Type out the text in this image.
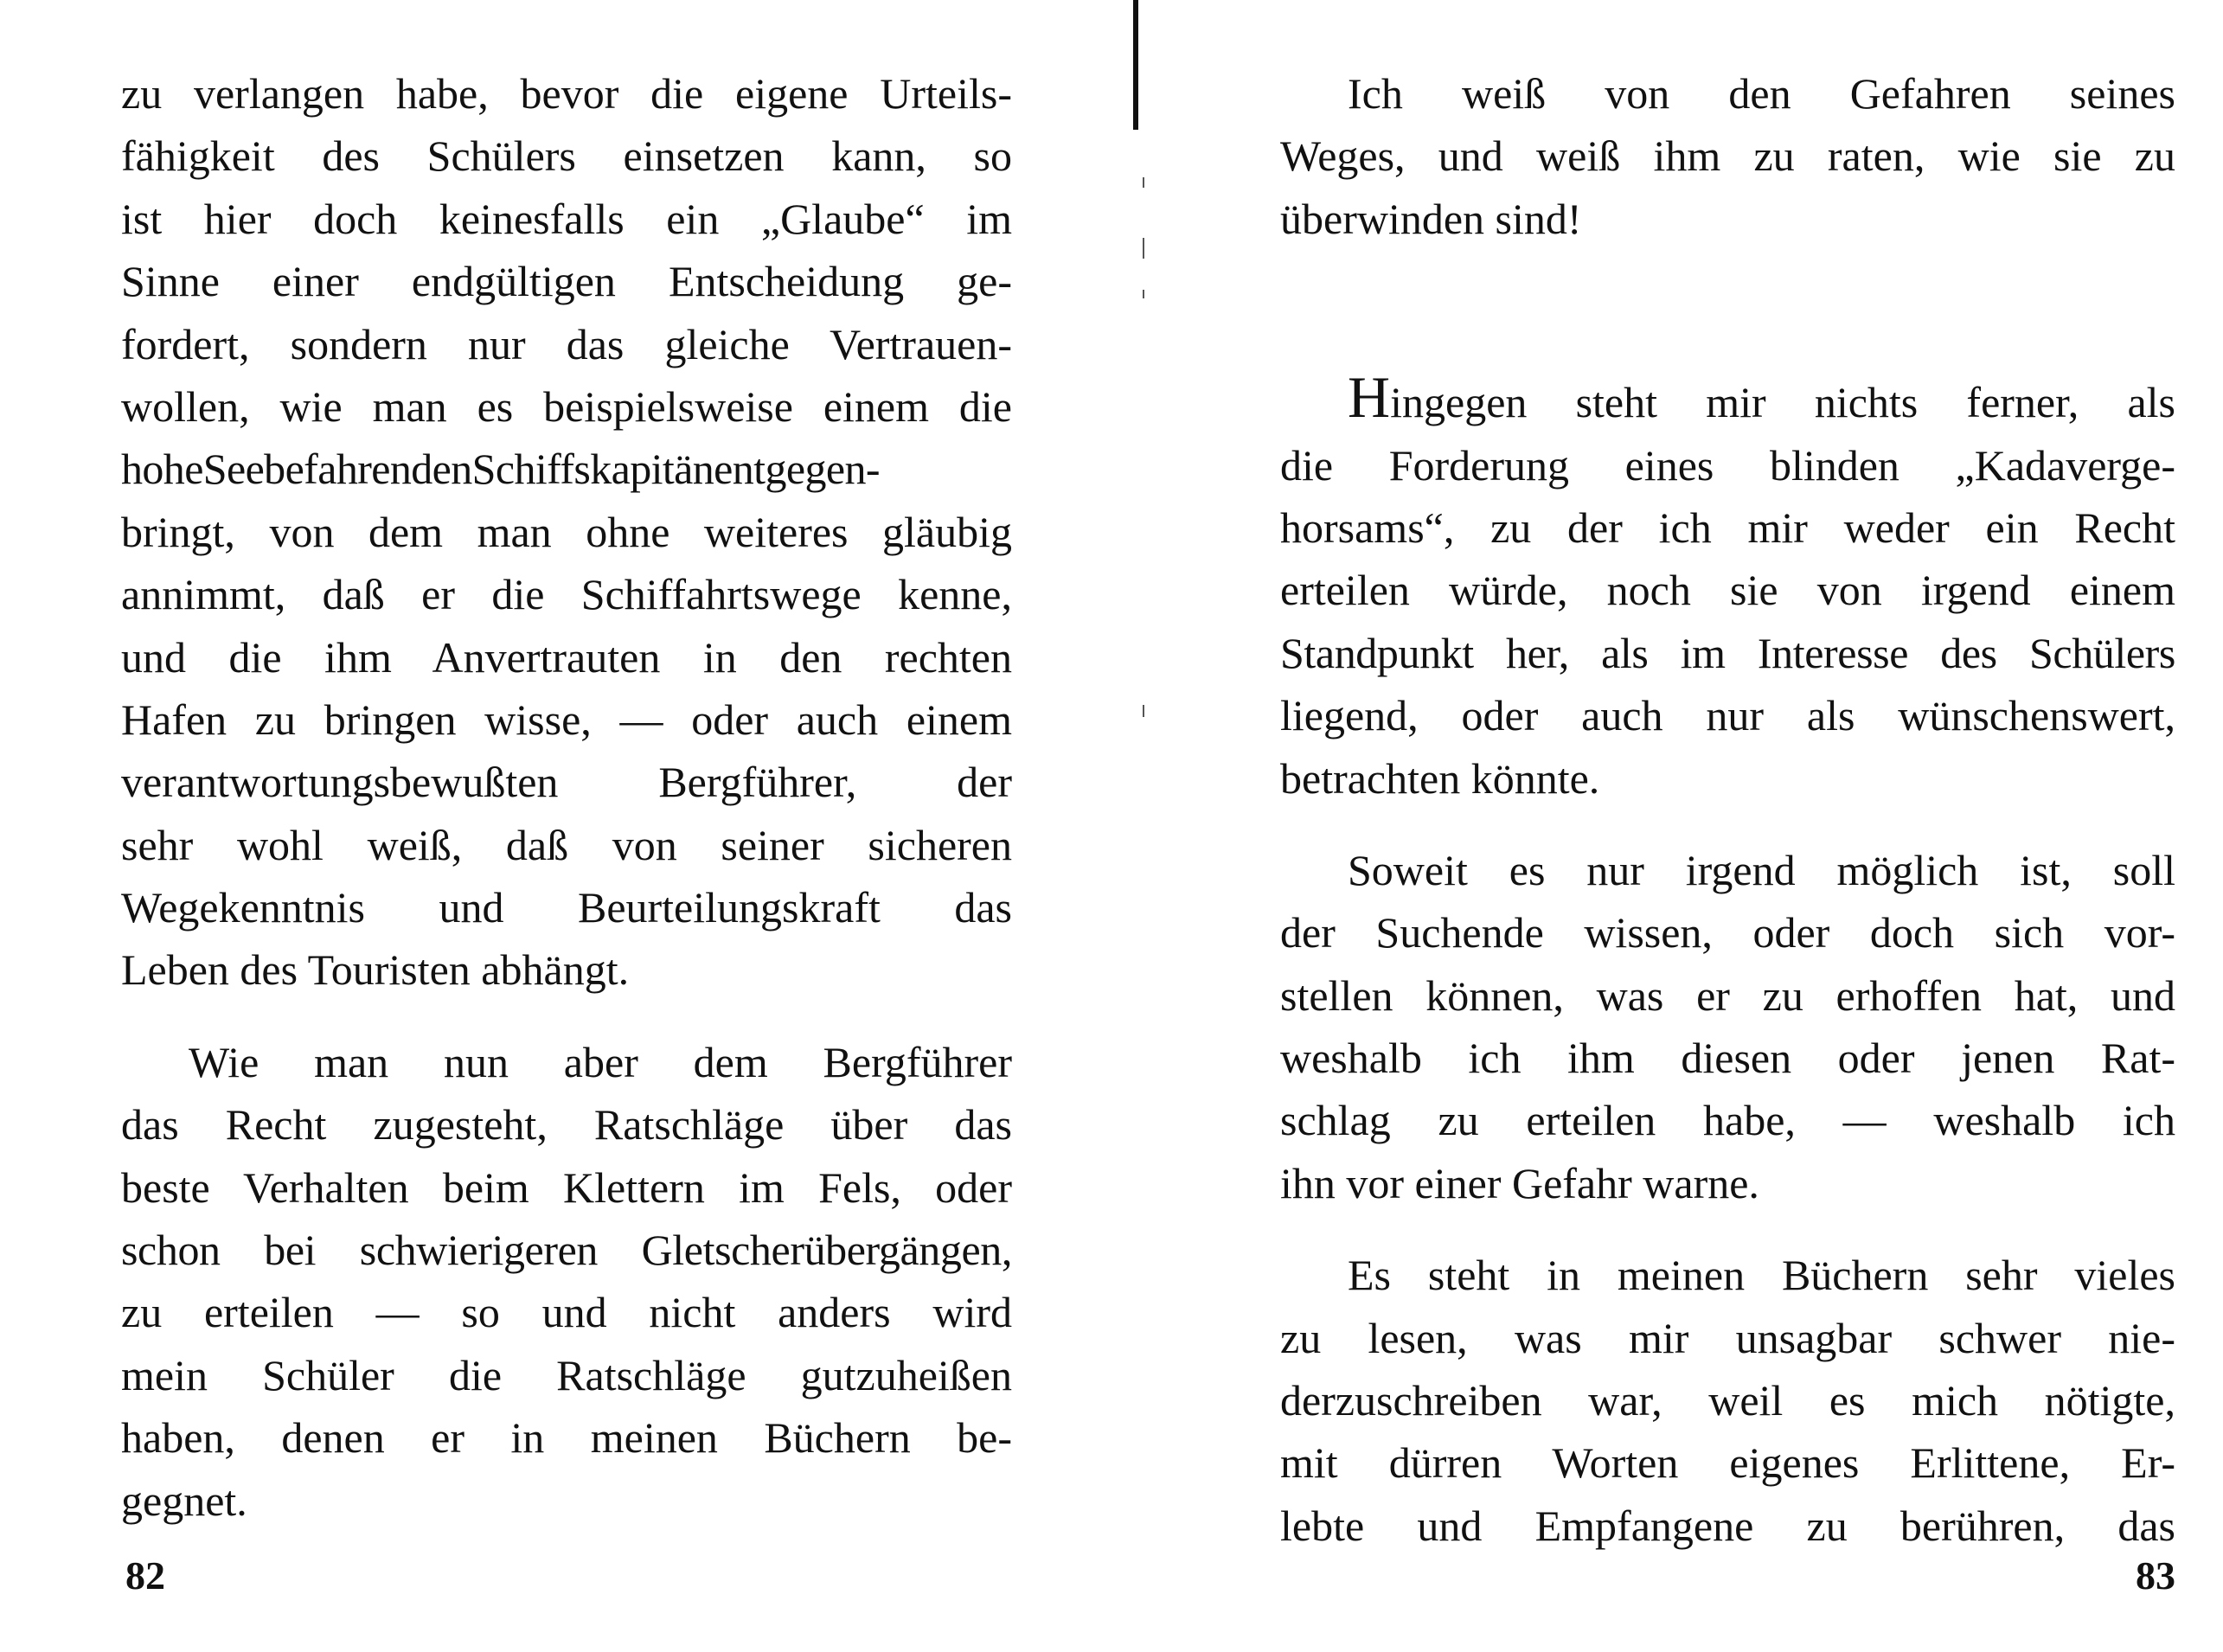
zu verlangen habe, bevor die eigene Urteils-
fähigkeit des Schülers einsetzen kann, so
ist hier doch keinesfalls ein „Glaube“ im
Sinne einer endgültigen Entscheidung ge-
fordert, sondern nur das gleiche Vertrauen-
wollen, wie man es beispielsweise einem die
hoheSeebefahrendenSchiffskapitänentgegen-
bringt, von dem man ohne weiteres gläubig
annimmt, daß er die Schiffahrtswege kenne,
und die ihm Anvertrauten in den rechten
Hafen zu bringen wisse, — oder auch einem
verantwortungsbewußten Bergführer, der
sehr wohl weiß, daß von seiner sicheren
Wegekenntnis und Beurteilungskraft das
Leben des Touristen abhängt.
Wie man nun aber dem Bergführer
das Recht zugesteht, Ratschläge über das
beste Verhalten beim Klettern im Fels, oder
schon bei schwierigeren Gletscherübergängen,
zu erteilen — so und nicht anders wird
mein Schüler die Ratschläge gutzuheißen
haben, denen er in meinen Büchern be-
gegnet.
82
Ich weiß von den Gefahren seines
Weges, und weiß ihm zu raten, wie sie zu
überwinden sind!
Hingegen steht mir nichts ferner, als
die Forderung eines blinden „Kadaverge-
horsams“, zu der ich mir weder ein Recht
erteilen würde, noch sie von irgend einem
Standpunkt her, als im Interesse des Schülers
liegend, oder auch nur als wünschenswert,
betrachten könnte.
Soweit es nur irgend möglich ist, soll
der Suchende wissen, oder doch sich vor-
stellen können, was er zu erhoffen hat, und
weshalb ich ihm diesen oder jenen Rat-
schlag zu erteilen habe, — weshalb ich
ihn vor einer Gefahr warne.
Es steht in meinen Büchern sehr vieles
zu lesen, was mir unsagbar schwer nie-
derzuschreiben war, weil es mich nötigte,
mit dürren Worten eigenes Erlittene, Er-
lebte und Empfangene zu berühren, das
83
